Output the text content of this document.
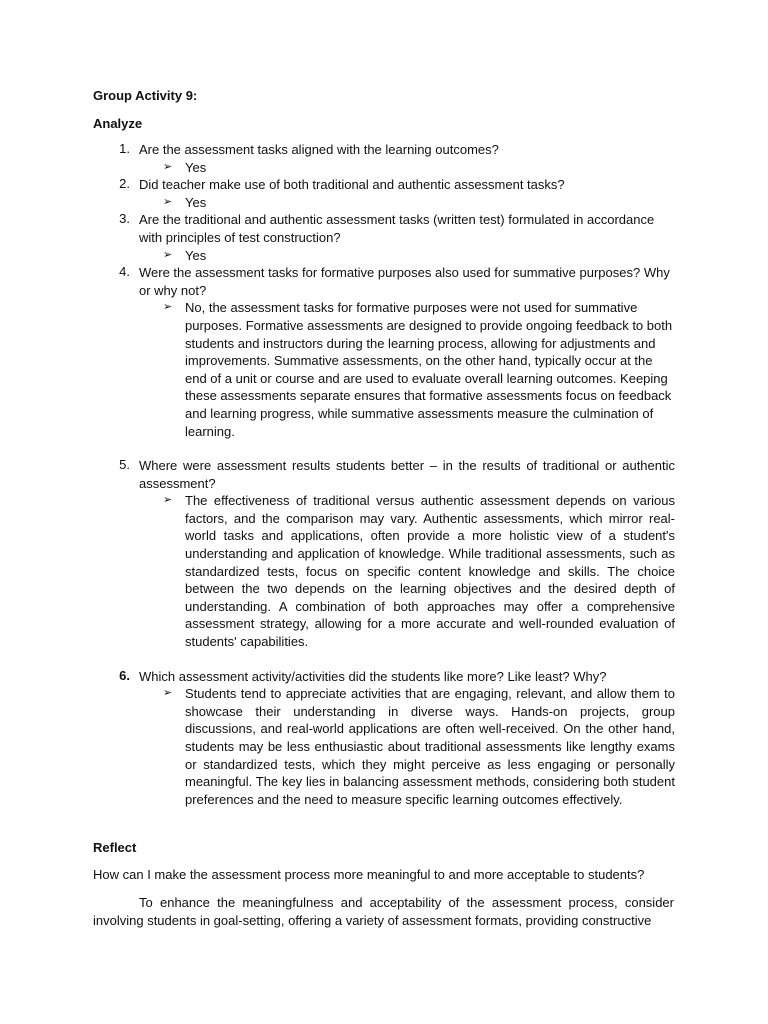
Group Activity 9:
Analyze
1. Are the assessment tasks aligned with the learning outcomes?
➢ Yes
2. Did teacher make use of both traditional and authentic assessment tasks?
➢ Yes
3. Are the traditional and authentic assessment tasks (written test) formulated in accordance with principles of test construction?
➢ Yes
4. Were the assessment tasks for formative purposes also used for summative purposes? Why or why not?
➢ No, the assessment tasks for formative purposes were not used for summative purposes. Formative assessments are designed to provide ongoing feedback to both students and instructors during the learning process, allowing for adjustments and improvements. Summative assessments, on the other hand, typically occur at the end of a unit or course and are used to evaluate overall learning outcomes. Keeping these assessments separate ensures that formative assessments focus on feedback and learning progress, while summative assessments measure the culmination of learning.
5. Where were assessment results students better – in the results of traditional or authentic assessment?
➢ The effectiveness of traditional versus authentic assessment depends on various factors, and the comparison may vary. Authentic assessments, which mirror real-world tasks and applications, often provide a more holistic view of a student's understanding and application of knowledge. While traditional assessments, such as standardized tests, focus on specific content knowledge and skills. The choice between the two depends on the learning objectives and the desired depth of understanding. A combination of both approaches may offer a comprehensive assessment strategy, allowing for a more accurate and well-rounded evaluation of students' capabilities.
6. Which assessment activity/activities did the students like more? Like least? Why?
➢ Students tend to appreciate activities that are engaging, relevant, and allow them to showcase their understanding in diverse ways. Hands-on projects, group discussions, and real-world applications are often well-received. On the other hand, students may be less enthusiastic about traditional assessments like lengthy exams or standardized tests, which they might perceive as less engaging or personally meaningful. The key lies in balancing assessment methods, considering both student preferences and the need to measure specific learning outcomes effectively.
Reflect
How can I make the assessment process more meaningful to and more acceptable to students?
To enhance the meaningfulness and acceptability of the assessment process, consider involving students in goal-setting, offering a variety of assessment formats, providing constructive
